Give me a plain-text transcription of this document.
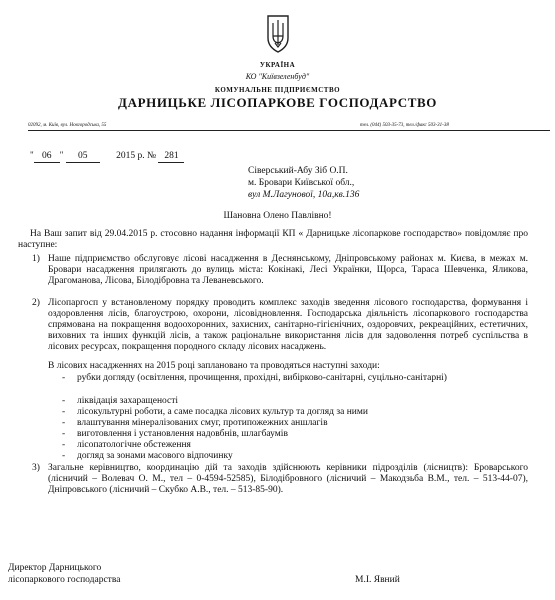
УКРАЇНА
КО "Київзеленбуд"
КОМУНАЛЬНЕ ПІДПРИЄМСТВО
ДАРНИЦЬКЕ ЛІСОПАРКОВЕ ГОСПОДАРСТВО
02092, м. Київ, вул. Новгородська, 55	тел. (044) 503-35-73, тел./факс 503-31-38
" 06 " 05	2015 р. № 281
Сіверський-Абу Зіб О.П.
м. Бровари Київської обл.,
вул М.Лагунової, 10а,кв.136
Шановна Олено Павлівно!
На Ваш запит від 29.04.2015 р. стосовно надання інформації КП « Дарницьке лісопаркове господарство» повідомляє про наступне:
1) Наше підприємство обслуговує лісові насадження в Деснянському, Дніпровському районах м. Києва, в межах м. Бровари насадження прилягають до вулиць міста: Кокінакі, Лесі Українки, Щорса, Тараса Шевченка, Яликова, Драгоманова, Лісова, Білодібровна та Леваневського.
2) Лісопаргосп у встановленому порядку проводить комплекс заходів зведення лісового господарства, формування і оздоровлення лісів, благоустрою, охорони, лісовідновлення. Господарська діяльність лісопаркового господарства спрямована на покращення водоохоронних, захисних, санітарно-гігієнічних, оздоровчих, рекреаційних, естетичних, виховних та інших функцій лісів, а також раціональне використання лісів для задоволення потреб суспільства в лісових ресурсах, покращення породного складу лісових насаджень.
В лісових насадженнях на 2015 році заплановано та проводяться наступні заходи:
- рубки догляду (освітлення, прочищення, прохідні, вибірково-санітарні, суцільно-санітарні)
- ліквідація захаращеності
- лісокультурні роботи, а саме посадка лісових культур та догляд за ними
- влаштування мінералізованих смуг, протипожежних аншлагів
- виготовлення і установлення надовбнів, шлагбаумів
- лісопатологічне обстеження
- догляд за зонами масового відпочинку
3) Загальне керівництво, координацію дій та заходів здійснюють керівники підрозділів (лісництв): Броварського (лісничий – Волевач О. М., тел – 0-4594-52585), Білодібровного (лісничий – Макодзьба В.М., тел. – 513-44-07), Дніпровського (лісничий – Скубко А.В., тел. – 513-85-90).
Директор Дарницького
лісопаркового господарства	М.І. Явний
